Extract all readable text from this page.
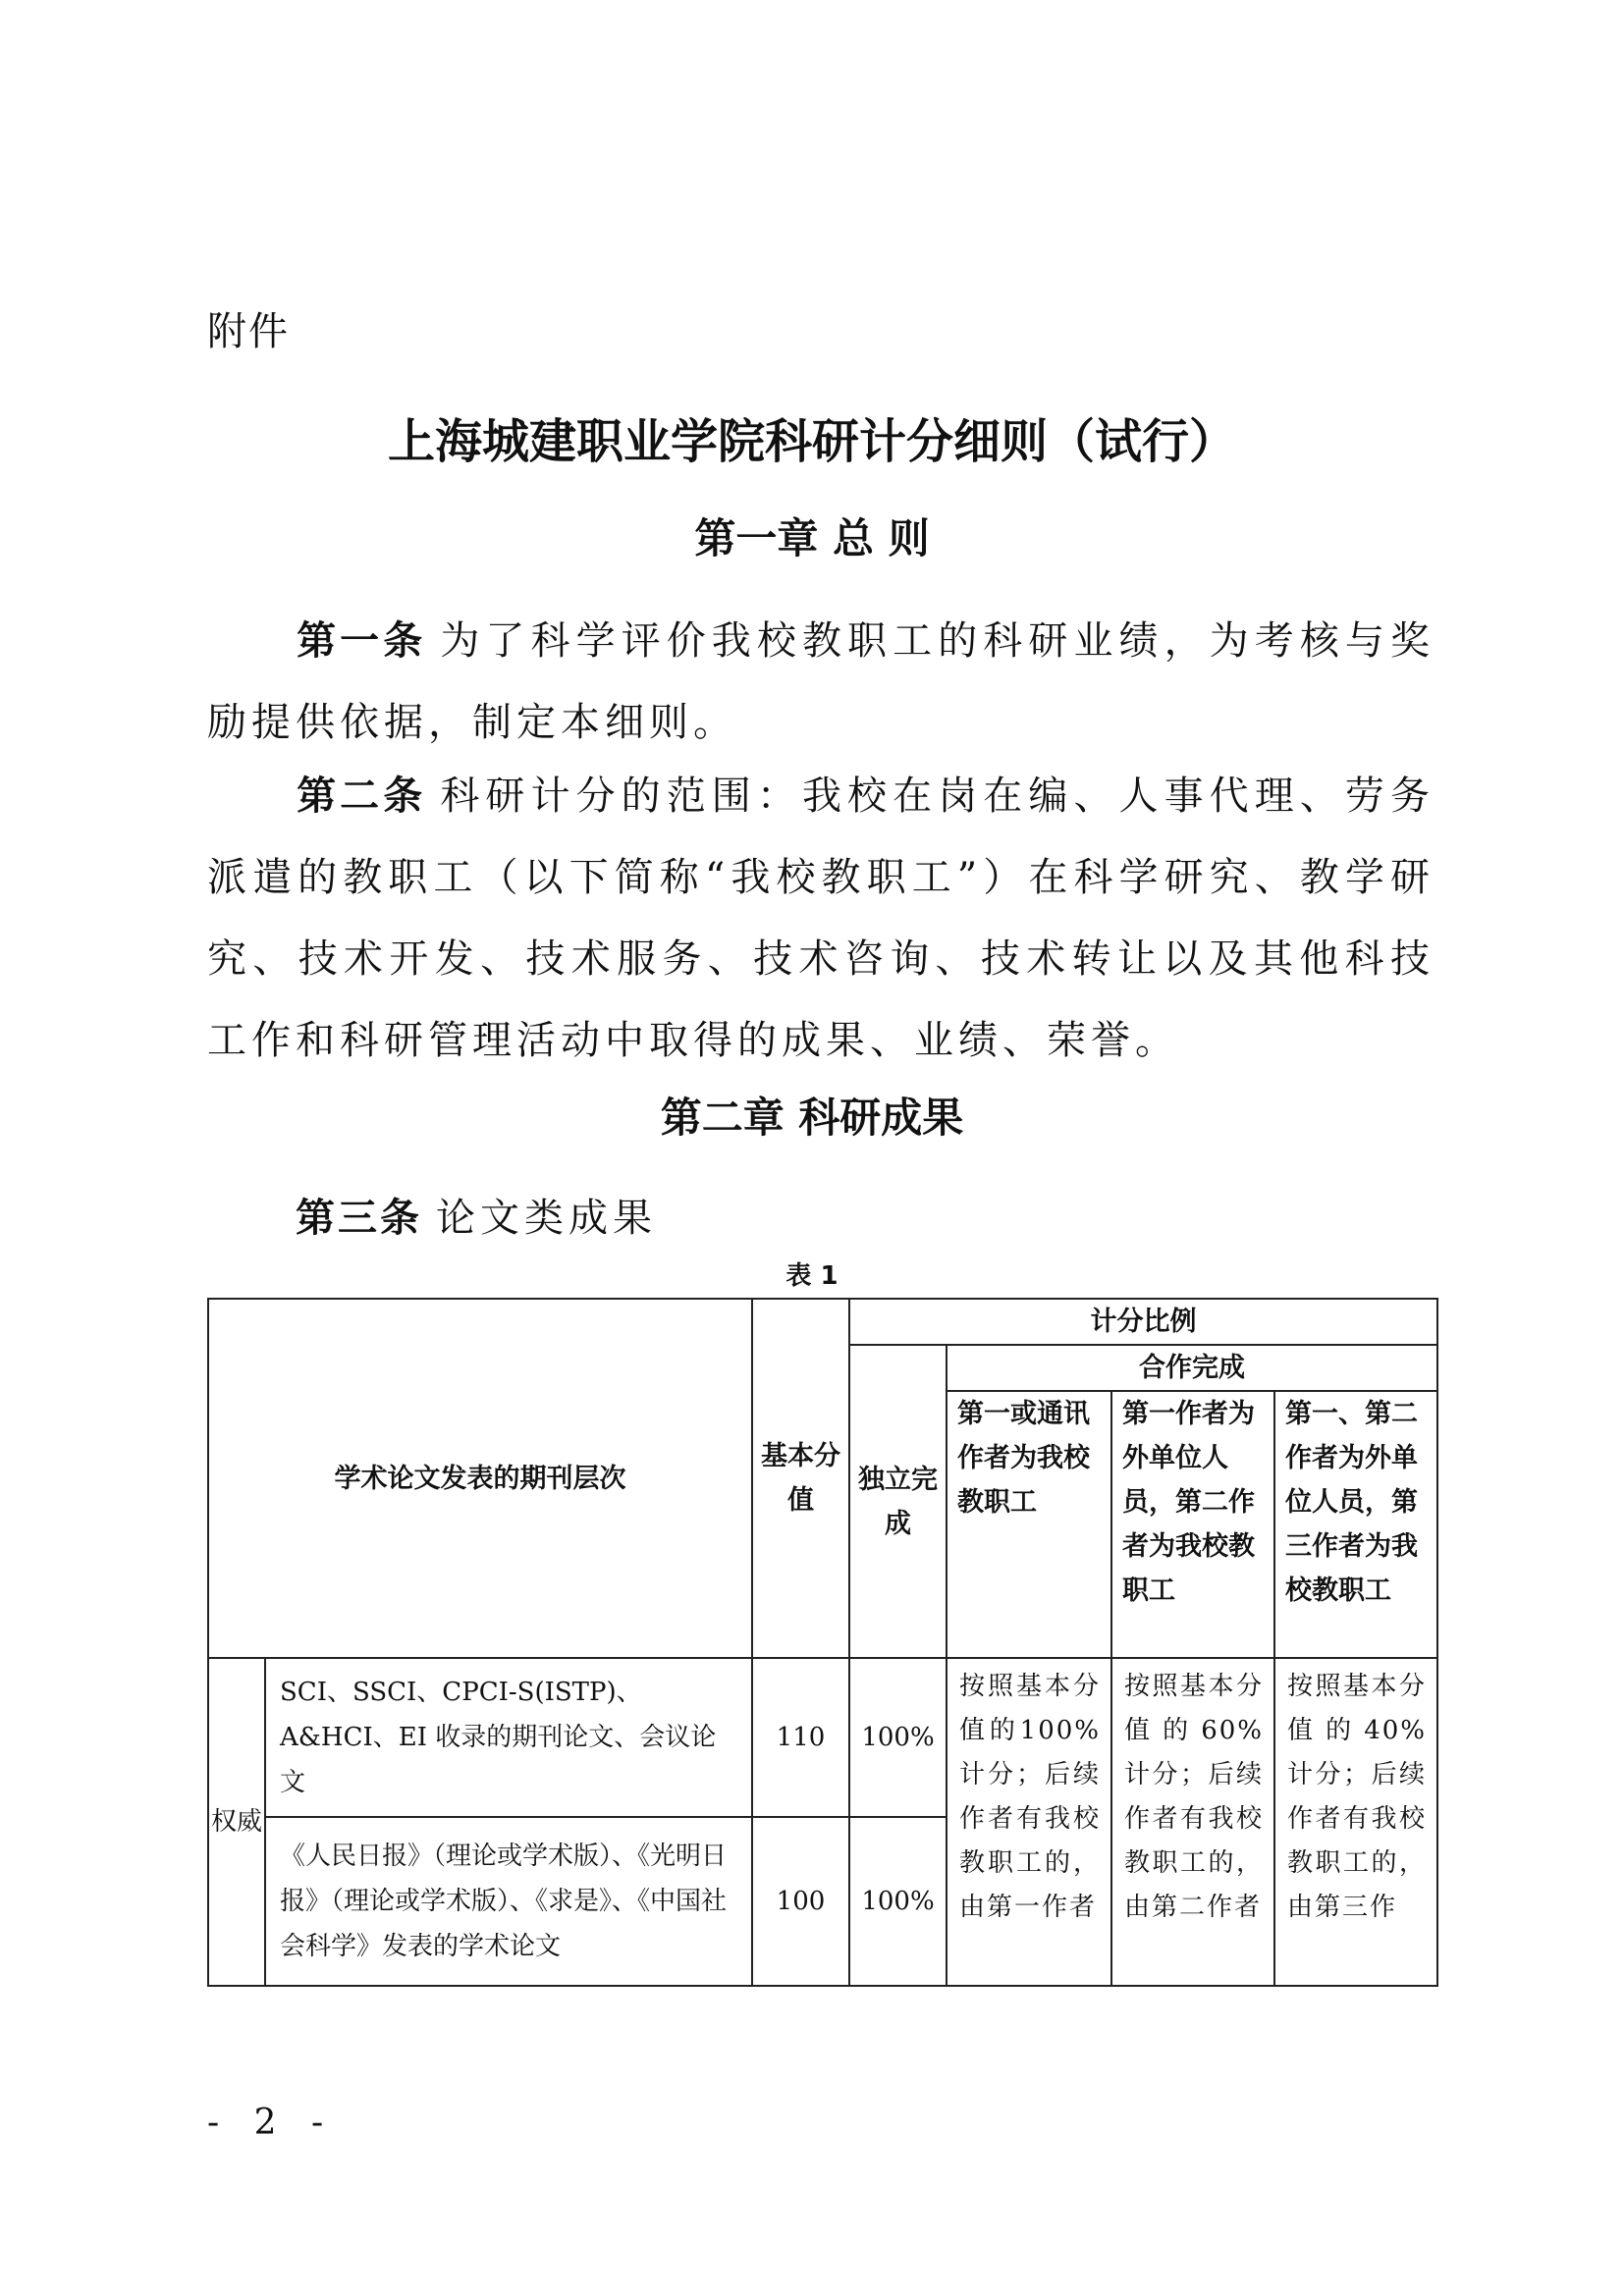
附件
上海城建职业学院科研计分细则（试行）
第一章 总 则
第一条 为了科学评价我校教职工的科研业绩，为考核与奖励提供依据，制定本细则。
第二条 科研计分的范围：我校在岗在编、人事代理、劳务派遣的教职工（以下简称“我校教职工”）在科学研究、教学研究、技术开发、技术服务、技术咨询、技术转让以及其他科技工作和科研管理活动中取得的成果、业绩、荣誉。
第二章 科研成果
第三条 论文类成果
表 1
学术论文发表的期刊层次		基本分值	计分比例			
			独立完成	合作完成		
				第一或通讯作者为我校教职工	第一作者为外单位人员，第二作者为我校教职工	第一、第二作者为外单位人员，第三作者为我校教职工

权威	SCI、SSCI、CPCI-S(ISTP)、A&HCI、EI 收录的期刊论文、会议论文	110	100%	按照基本分值的100%计分；后续作者有我校教职工的，由第一作者	按照基本分值的60%计分；后续作者有我校教职工的，由第二作者	按照基本分值的40%计分；后续作者有我校教职工的，由第三作
	《人民日报》（理论或学术版）、《光明日报》（理论或学术版）、《求是》、《中国社会科学》发表的学术论文	100	100%			
- 2 -
